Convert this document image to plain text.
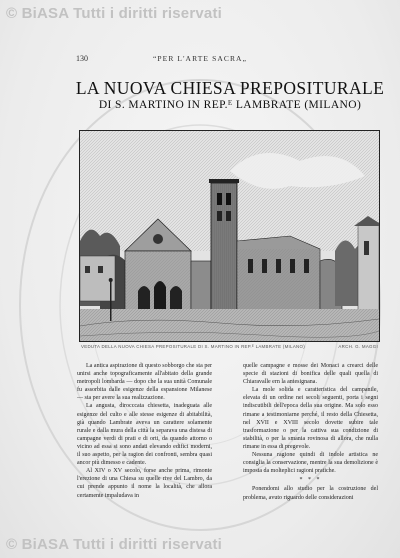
© BiASA Tutti i diritti riservati
130	“PER L'ARTE SACRA„
LA NUOVA CHIESA PREPOSITURALE
DI S. MARTINO IN REP.ᴱ LAMBRATE (MILANO)
VEDUTA DELLA NUOVA CHIESA PREPOSITURALE DI S. MARTINO IN REP.ᴱ LAMBRATE (MILANO)	ARCH. G. MAGGI

La antica aspirazione di questo sobborgo che sta per unirsi anche topograficamente all'abitato della grande metropoli lombarda — dopo che la sua unità Comunale fu assorbita dalle esigenze della espansione Milanese — sta per avere la sua realizzazione.

La angusta, dirocccata chiesetta, inadeguata alle esigenze del culto e alle stesse esigenze di abitabilità, già quando Lambrate aveva un carattere solamente rurale e dalla mura della città la separava una distesa di campagne verdi di prati e di orti, da quando attorno o vicino ad essa si sono andati elevando edifici moderni, il suo aspetto, per la ragion dei confronti, sembra quasi ancor più dimesso e cadente.

Al XIV o XV secolo, forse anche prima, rimonte l'erezione di una Chiesa su quelle rive del Lambro, da cui prende appunto il nome la località, che allora certamente impaludava in

quelle campagne e mosse dei Monaci a crearci delle specie di stazioni di bonifica delle quali quella di Chiaravalle ern la antesignana.

La mole solida e caratteristica del campanile, elevata di un ordine nei secoli seguenti, porta i segni indiscutibili dell'epoca della sua origine. Ma solo esso rimane a testimoniarne perché, il resto della Chiesetta, nel XVII e XVIII secolo dovette subire tale trasformazione o per la cattiva sua condizione di stabilità, o per la smania rovinosa di allora, che nulla rimane in essa di pregevole.

Nessuna ragione quindi di indole artistica ne consiglia la conservazione, mentre la sua demolizione è imposta da molteplici ragioni pratiche.

* * *

Ponendomi allo studio per la costruzione del problema, avuto riguardo delle considerazioni

© BiASA Tutti i diritti riservati
